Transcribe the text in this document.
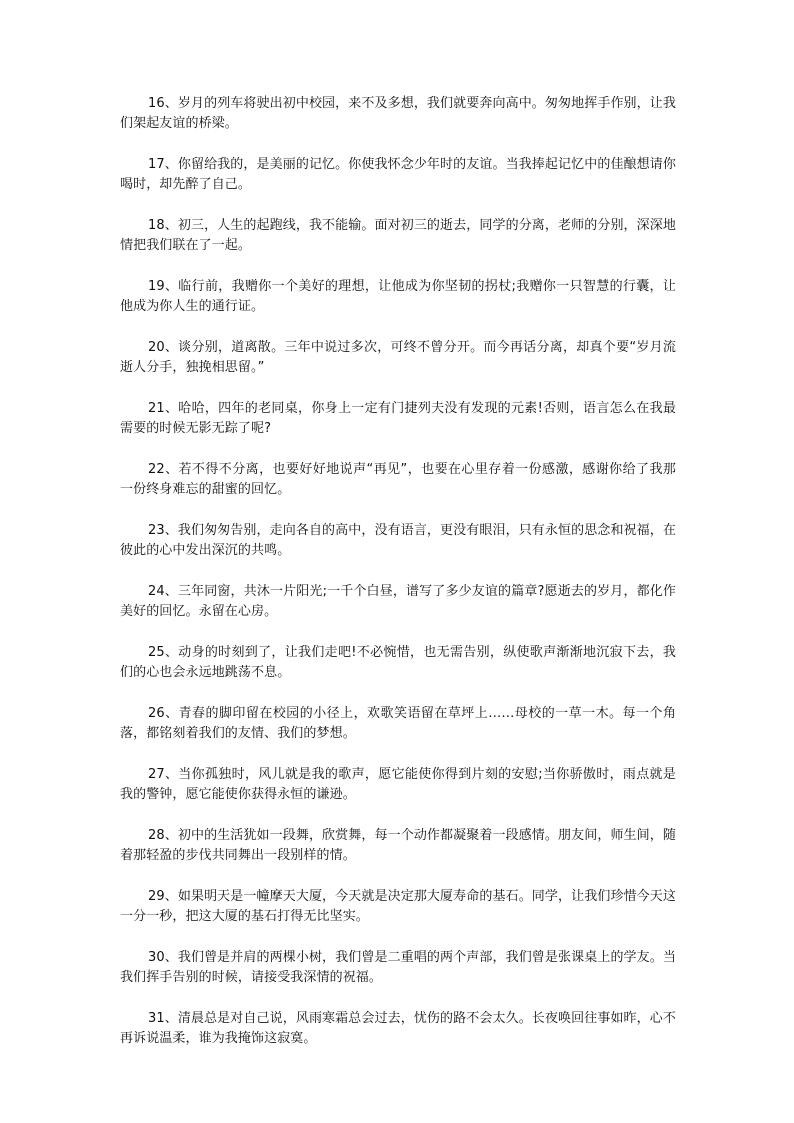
16、岁月的列车将驶出初中校园，来不及多想，我们就要奔向高中。匆匆地挥手作别，让我们架起友谊的桥梁。

17、你留给我的，是美丽的记忆。你使我怀念少年时的友谊。当我捧起记忆中的佳酿想请你喝时，却先醉了自己。

18、初三，人生的起跑线，我不能输。面对初三的逝去，同学的分离，老师的分别，深深地情把我们联在了一起。

19、临行前，我赠你一个美好的理想，让他成为你坚韧的拐杖;我赠你一只智慧的行囊，让他成为你人生的通行证。

20、谈分别，道离散。三年中说过多次，可终不曾分开。而今再话分离，却真个要“岁月流逝人分手，独挽相思留。”

21、哈哈，四年的老同桌，你身上一定有门捷列夫没有发现的元素!否则，语言怎么在我最需要的时候无影无踪了呢?

22、若不得不分离，也要好好地说声“再见”，也要在心里存着一份感激，感谢你给了我那一份终身难忘的甜蜜的回忆。

23、我们匆匆告别，走向各自的高中，没有语言，更没有眼泪，只有永恒的思念和祝福，在彼此的心中发出深沉的共鸣。

24、三年同窗，共沐一片阳光;一千个白昼，谱写了多少友谊的篇章?愿逝去的岁月，都化作美好的回忆。永留在心房。

25、动身的时刻到了，让我们走吧!不必惋惜，也无需告别，纵使歌声渐渐地沉寂下去，我们的心也会永远地跳荡不息。

26、青春的脚印留在校园的小径上，欢歌笑语留在草坪上……母校的一草一木。每一个角落，都铭刻着我们的友情、我们的梦想。

27、当你孤独时，风儿就是我的歌声，愿它能使你得到片刻的安慰;当你骄傲时，雨点就是我的警钟，愿它能使你获得永恒的谦逊。

28、初中的生活犹如一段舞，欣赏舞，每一个动作都凝聚着一段感情。朋友间，师生间，随着那轻盈的步伐共同舞出一段别样的情。

29、如果明天是一幢摩天大厦，今天就是决定那大厦寿命的基石。同学，让我们珍惜今天这一分一秒，把这大厦的基石打得无比坚实。

30、我们曾是并肩的两棵小树，我们曾是二重唱的两个声部，我们曾是张课桌上的学友。当我们挥手告别的时候，请接受我深情的祝福。

31、清晨总是对自己说，风雨寒霜总会过去，忧伤的路不会太久。长夜唤回往事如昨，心不再诉说温柔，谁为我掩饰这寂寞。
